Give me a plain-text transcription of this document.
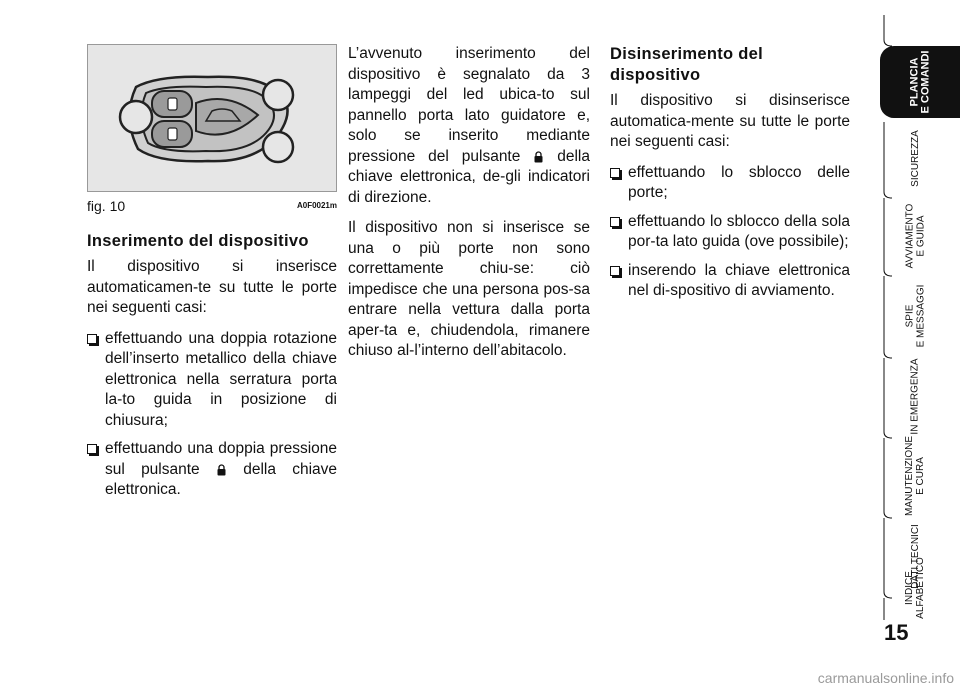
fig. 10	A0F0021m
Inserimento del dispositivo

Il dispositivo si inserisce automaticamen-te su tutte le porte nei seguenti casi:

effettuando una doppia rotazione dell’inserto metallico della chiave elettronica nella serratura porta la-to guida in posizione di chiusura;
effettuando una doppia pressione sul pulsante	della chiave elettronica.

L’avvenuto inserimento del dispositivo è segnalato da 3 lampeggi del led ubica-to sul pannello porta lato guidatore e, solo se inserito mediante pressione del pulsante della chiave elettronica, de-gli indicatori di direzione.

Il dispositivo non si inserisce se una o più porte non sono correttamente chiu-se: ciò impedisce che una persona pos-sa entrare nella vettura dalla porta aper-ta e, chiudendola, rimanere chiuso al-l’interno dell’abitacolo.

Disinserimento del dispositivo

Il dispositivo si disinserisce automatica-mente su tutte le porte nei seguenti casi:

effettuando lo sblocco delle porte;
effettuando lo sblocco della sola por-ta lato guida (ove possibile);
inserendo la chiave elettronica nel di-spositivo di avviamento.
PLANCIA
E COMANDI
SICUREZZA
AVVIAMENTO
E GUIDA
SPIE
E MESSAGGI
IN EMERGENZA
MANUTENZIONE
E CURA
DATI TECNICI
INDICE
ALFABETICO
15
carmanualsonline.info
